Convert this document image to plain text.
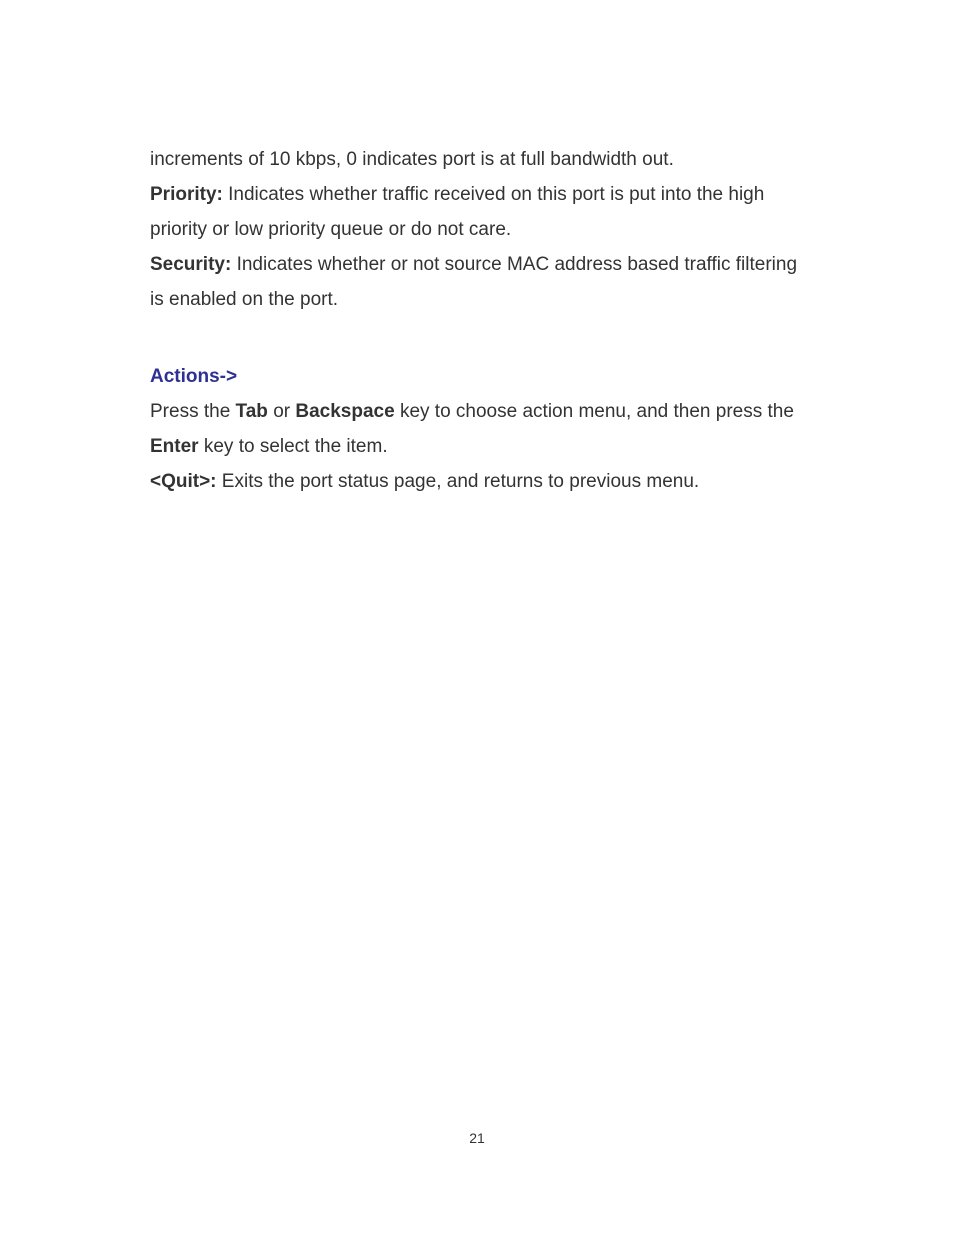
increments of 10 kbps, 0 indicates port is at full bandwidth out.

Priority: Indicates whether traffic received on this port is put into the high

priority or low priority queue or do not care.

Security: Indicates whether or not source MAC address based traffic filtering

is enabled on the port.

Actions->

Press the Tab or Backspace key to choose action menu, and then press the

Enter key to select the item.

<Quit>: Exits the port status page, and returns to previous menu.

21
